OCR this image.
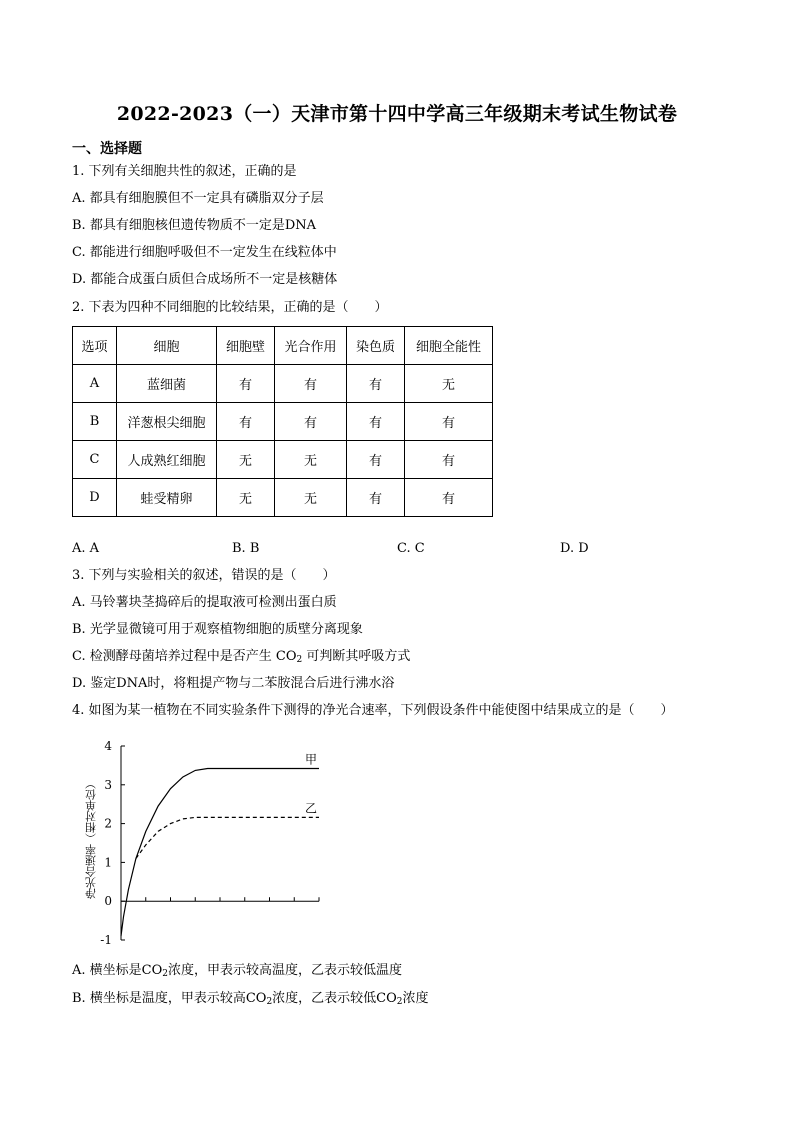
2022-2023（一）天津市第十四中学高三年级期末考试生物试卷
一、选择题
1. 下列有关细胞共性的叙述，正确的是
A. 都具有细胞膜但不一定具有磷脂双分子层
B. 都具有细胞核但遗传物质不一定是DNA
C. 都能进行细胞呼吸但不一定发生在线粒体中
D. 都能合成蛋白质但合成场所不一定是核糖体
2. 下表为四种不同细胞的比较结果，正确的是（　　）
选项	细胞	细胞壁	光合作用	染色质	细胞全能性
A	蓝细菌	有	有	有	无
B	洋葱根尖细胞	有	有	有	有
C	人成熟红细胞	无	无	有	有
D	蛙受精卵	无	无	有	有
A. A	B. B	C. C	D. D
3. 下列与实验相关的叙述，错误的是（　　）
A. 马铃薯块茎捣碎后的提取液可检测出蛋白质
B. 光学显微镜可用于观察植物细胞的质壁分离现象
C. 检测酵母菌培养过程中是否产生 $CO_2$ 可判断其呼吸方式
D. 鉴定DNA时，将粗提产物与二苯胺混合后进行沸水浴
4. 如图为某一植物在不同实验条件下测得的净光合速率，下列假设条件中能使图中结果成立的是（　　）
4
3
2
1
0
-1
净光合速率（相对单位）
甲
乙
A. 横坐标是$CO_2$浓度，甲表示较高温度，乙表示较低温度
B. 横坐标是温度，甲表示较高$CO_2$浓度，乙表示较低$CO_2$浓度
